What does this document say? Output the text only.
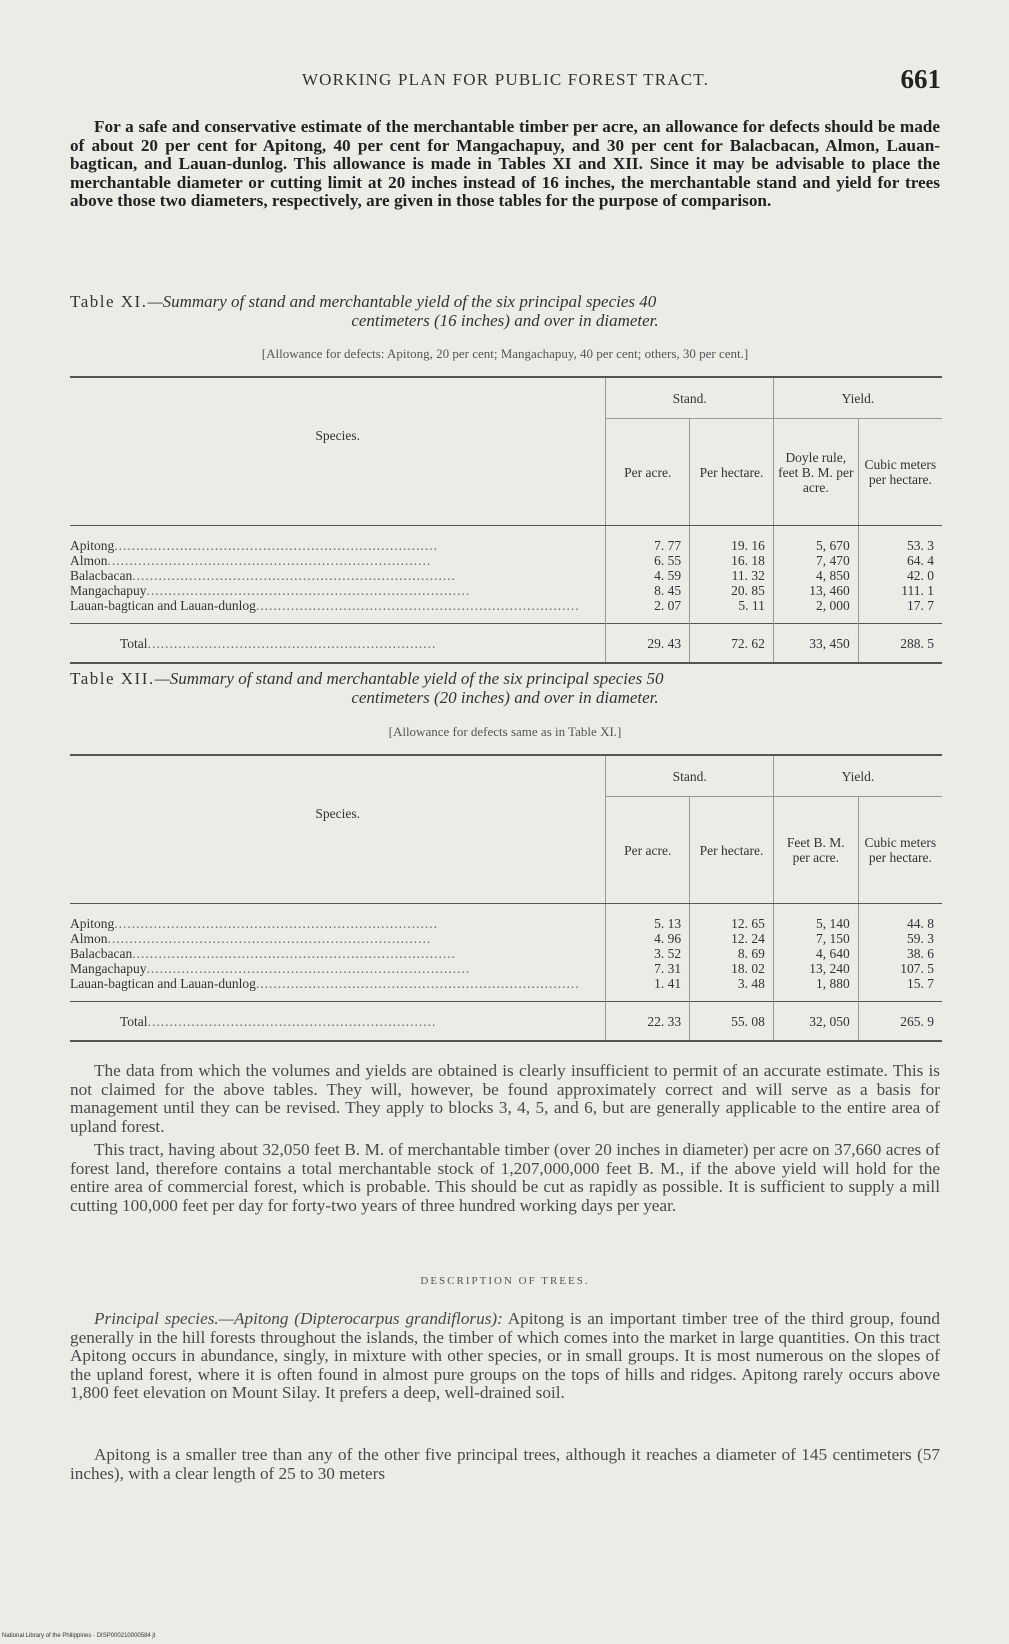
WORKING PLAN FOR PUBLIC FOREST TRACT.	661

For a safe and conservative estimate of the merchantable timber per acre, an allowance for defects should be made of about 20 per cent for Apitong, 40 per cent for Mangachapuy, and 30 per cent for Balacbacan, Almon, Lauan-bagtican, and Lauan-dunlog. This allowance is made in Tables XI and XII. Since it may be advisable to place the merchantable diameter or cutting limit at 20 inches instead of 16 inches, the merchantable stand and yield for trees above those two diameters, respectively, are given in those tables for the purpose of comparison.

Table XI.—Summary of stand and merchantable yield of the six principal species 40
centimeters (16 inches) and over in diameter.
[Allowance for defects: Apitong, 20 per cent; Mangachapuy, 40 per cent; others, 30 per cent.]
Species.	Stand.		Yield.	
	Per acre.	Per hectare.	Doyle rule, feet B. M. per acre.	Cubic meters per hectare.
Apitong..........................................................................	7. 77	19. 16	5, 670	53. 3
Almon..........................................................................	6. 55	16. 18	7, 470	64. 4
Balacbacan..........................................................................	4. 59	11. 32	4, 850	42. 0
Mangachapuy..........................................................................	8. 45	20. 85	13, 460	111. 1
Lauan-bagtican and Lauan-dunlog..........................................................................	2. 07	5. 11	2, 000	17. 7
Total..................................................................	29. 43	72. 62	33, 450	288. 5
Table XII.—Summary of stand and merchantable yield of the six principal species 50
centimeters (20 inches) and over in diameter.
[Allowance for defects same as in Table XI.]
Species.	Stand.		Yield.	
	Per acre.	Per hectare.	Feet B. M. per acre.	Cubic meters per hectare.
Apitong..........................................................................	5. 13	12. 65	5, 140	44. 8
Almon..........................................................................	4. 96	12. 24	7, 150	59. 3
Balacbacan..........................................................................	3. 52	8. 69	4, 640	38. 6
Mangachapuy..........................................................................	7. 31	18. 02	13, 240	107. 5
Lauan-bagtican and Lauan-dunlog..........................................................................	1. 41	3. 48	1, 880	15. 7
Total..................................................................	22. 33	55. 08	32, 050	265. 9

The data from which the volumes and yields are obtained is clearly insufficient to permit of an accurate estimate. This is not claimed for the above tables. They will, however, be found approximately correct and will serve as a basis for management until they can be revised. They apply to blocks 3, 4, 5, and 6, but are generally applicable to the entire area of upland forest.

This tract, having about 32,050 feet B. M. of merchantable timber (over 20 inches in diameter) per acre on 37,660 acres of forest land, therefore contains a total merchantable stock of 1,207,000,000 feet B. M., if the above yield will hold for the entire area of commercial forest, which is probable. This should be cut as rapidly as possible. It is sufficient to supply a mill cutting 100,000 feet per day for forty-two years of three hundred working days per year.

DESCRIPTION OF TREES.

Principal species.—Apitong (Dipterocarpus grandiflorus): Apitong is an important timber tree of the third group, found generally in the hill forests throughout the islands, the timber of which comes into the market in large quantities. On this tract Apitong occurs in abundance, singly, in mixture with other species, or in small groups. It is most numerous on the slopes of the upland forest, where it is often found in almost pure groups on the tops of hills and ridges. Apitong rarely occurs above 1,800 feet elevation on Mount Silay. It prefers a deep, well-drained soil.

Apitong is a smaller tree than any of the other five principal trees, although it reaches a diameter of 145 centimeters (57 inches), with a clear length of 25 to 30 meters

National Library of the Philippines · DISP000210000584 jt
